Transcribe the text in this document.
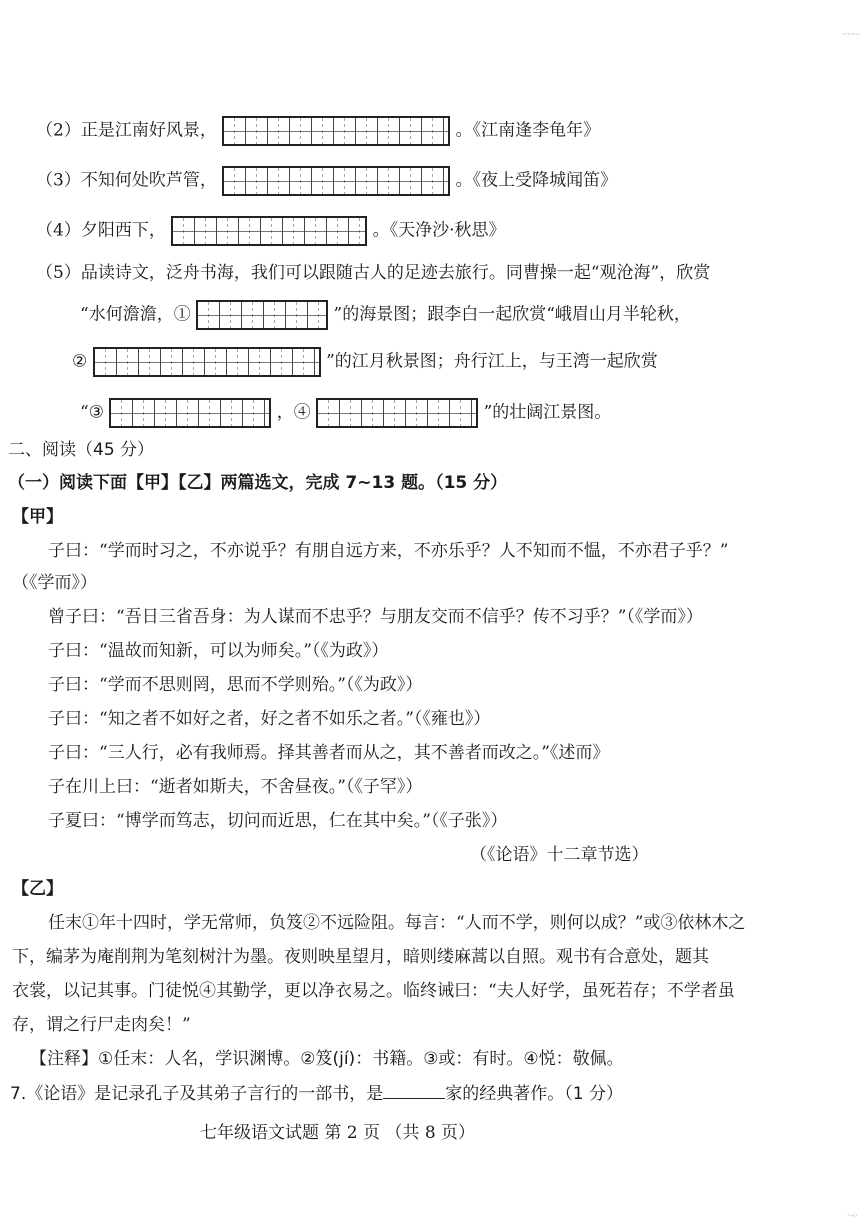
·······
（2）正是江南好风景，	。《江南逢李龟年》
（3）不知何处吹芦管，	。《夜上受降城闻笛》
（4）夕阳西下，	。《天净沙·秋思》
（5）品读诗文，泛舟书海，我们可以跟随古人的足迹去旅行。同曹操一起“观沧海”，欣赏
“水何澹澹，①	”的海景图；跟李白一起欣赏“峨眉山月半轮秋，
②	”的江月秋景图；舟行江上，与王湾一起欣赏
“③	，④	”的壮阔江景图。
二、阅读（45 分）
（一）阅读下面【甲】【乙】两篇选文，完成 7~13 题。（15 分）
【甲】
子曰：“学而时习之，不亦说乎？有朋自远方来，不亦乐乎？人不知而不愠，不亦君子乎？”
（《学而》）
曾子曰：“吾日三省吾身：为人谋而不忠乎？与朋友交而不信乎？传不习乎？”（《学而》）
子曰：“温故而知新，可以为师矣。”（《为政》）
子曰：“学而不思则罔，思而不学则殆。”（《为政》）
子曰：“知之者不如好之者，好之者不如乐之者。”（《雍也》）
子曰：“三人行，必有我师焉。择其善者而从之，其不善者而改之。”《述而》
子在川上曰：“逝者如斯夫，不舍昼夜。”（《子罕》）
子夏曰：“博学而笃志，切问而近思，仁在其中矣。”（《子张》）
（《论语》十二章节选）
【乙】
任末①年十四时，学无常师，负笈②不远险阻。每言：“人而不学，则何以成？”或③依林木之
下，编茅为庵削荆为笔刻树汁为墨。夜则映星望月，暗则缕麻蒿以自照。观书有合意处，题其
衣裳，以记其事。门徒悦④其勤学，更以净衣易之。临终诫曰：“夫人好学，虽死若存；不学者虽
存，谓之行尸走肉矣！”
【注释】①任末：人名，学识渊博。②笈(jí)：书籍。③或：有时。④悦：敬佩。
7.《论语》是记录孔子及其弟子言行的一部书，是	家的经典著作。（1 分）
七年级语文试题 第 2 页 （共 8 页）
·-‹·
